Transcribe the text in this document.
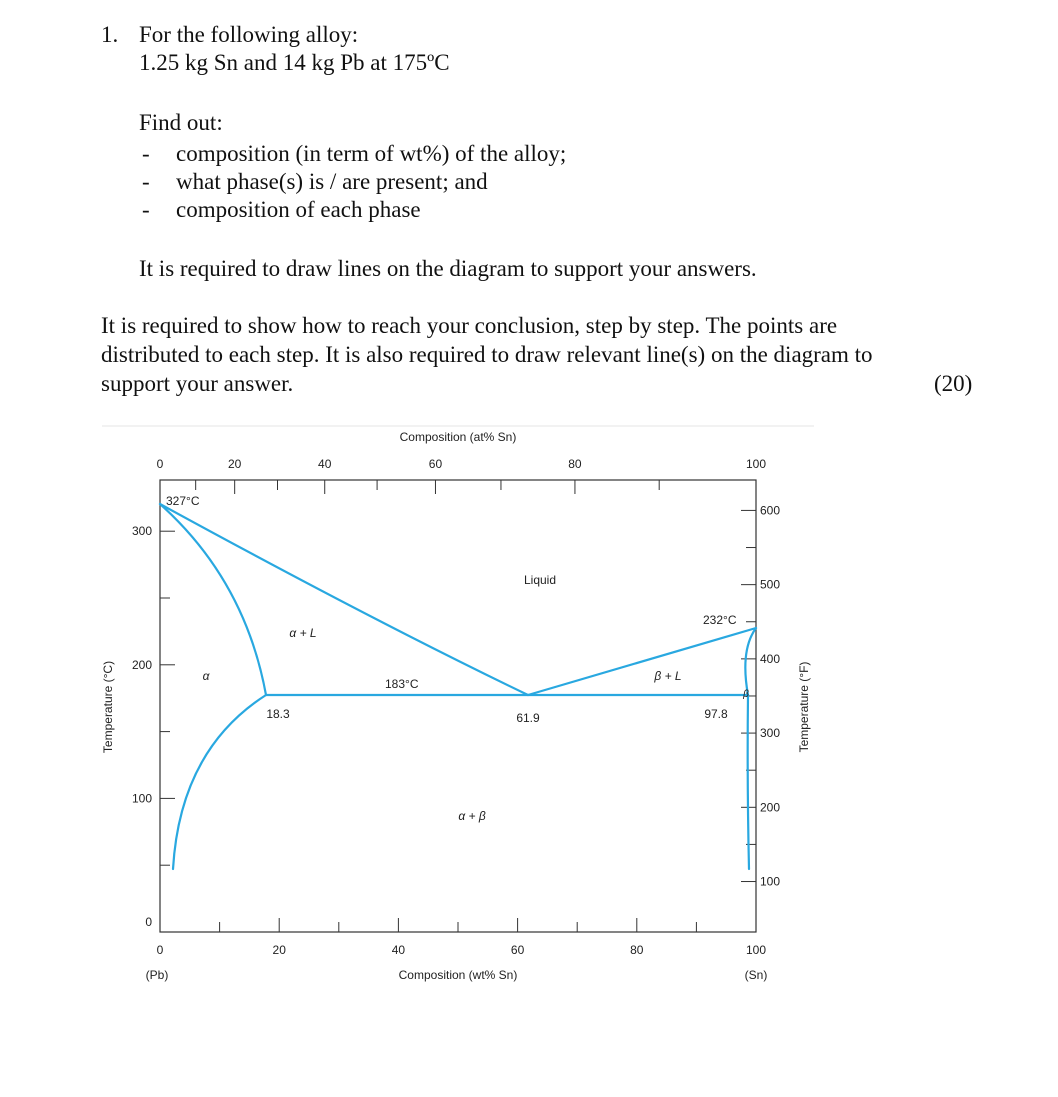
1. For the following alloy:
1.25 kg Sn and 14 kg Pb at 175ºC
Find out:
- composition (in term of wt%) of the alloy;
- what phase(s) is / are present; and
- composition of each phase
It is required to draw lines on the diagram to support your answers.
It is required to show how to reach your conclusion, step by step. The points are
distributed to each step. It is also required to draw relevant line(s) on the diagram to
support your answer.	(20)
0	20	40	60	80	100
0	20	40	60	80	100
0
100
200
300
100
200
300
400
500
600
Composition (at% Sn)
Composition (wt% Sn)
Temperature (°C)	Temperature (°F)
(Pb)	(Sn)
327°C
232°C
183°C
Liquid
α + L
β + L
α
β
α + β
18.3	61.9	97.8
